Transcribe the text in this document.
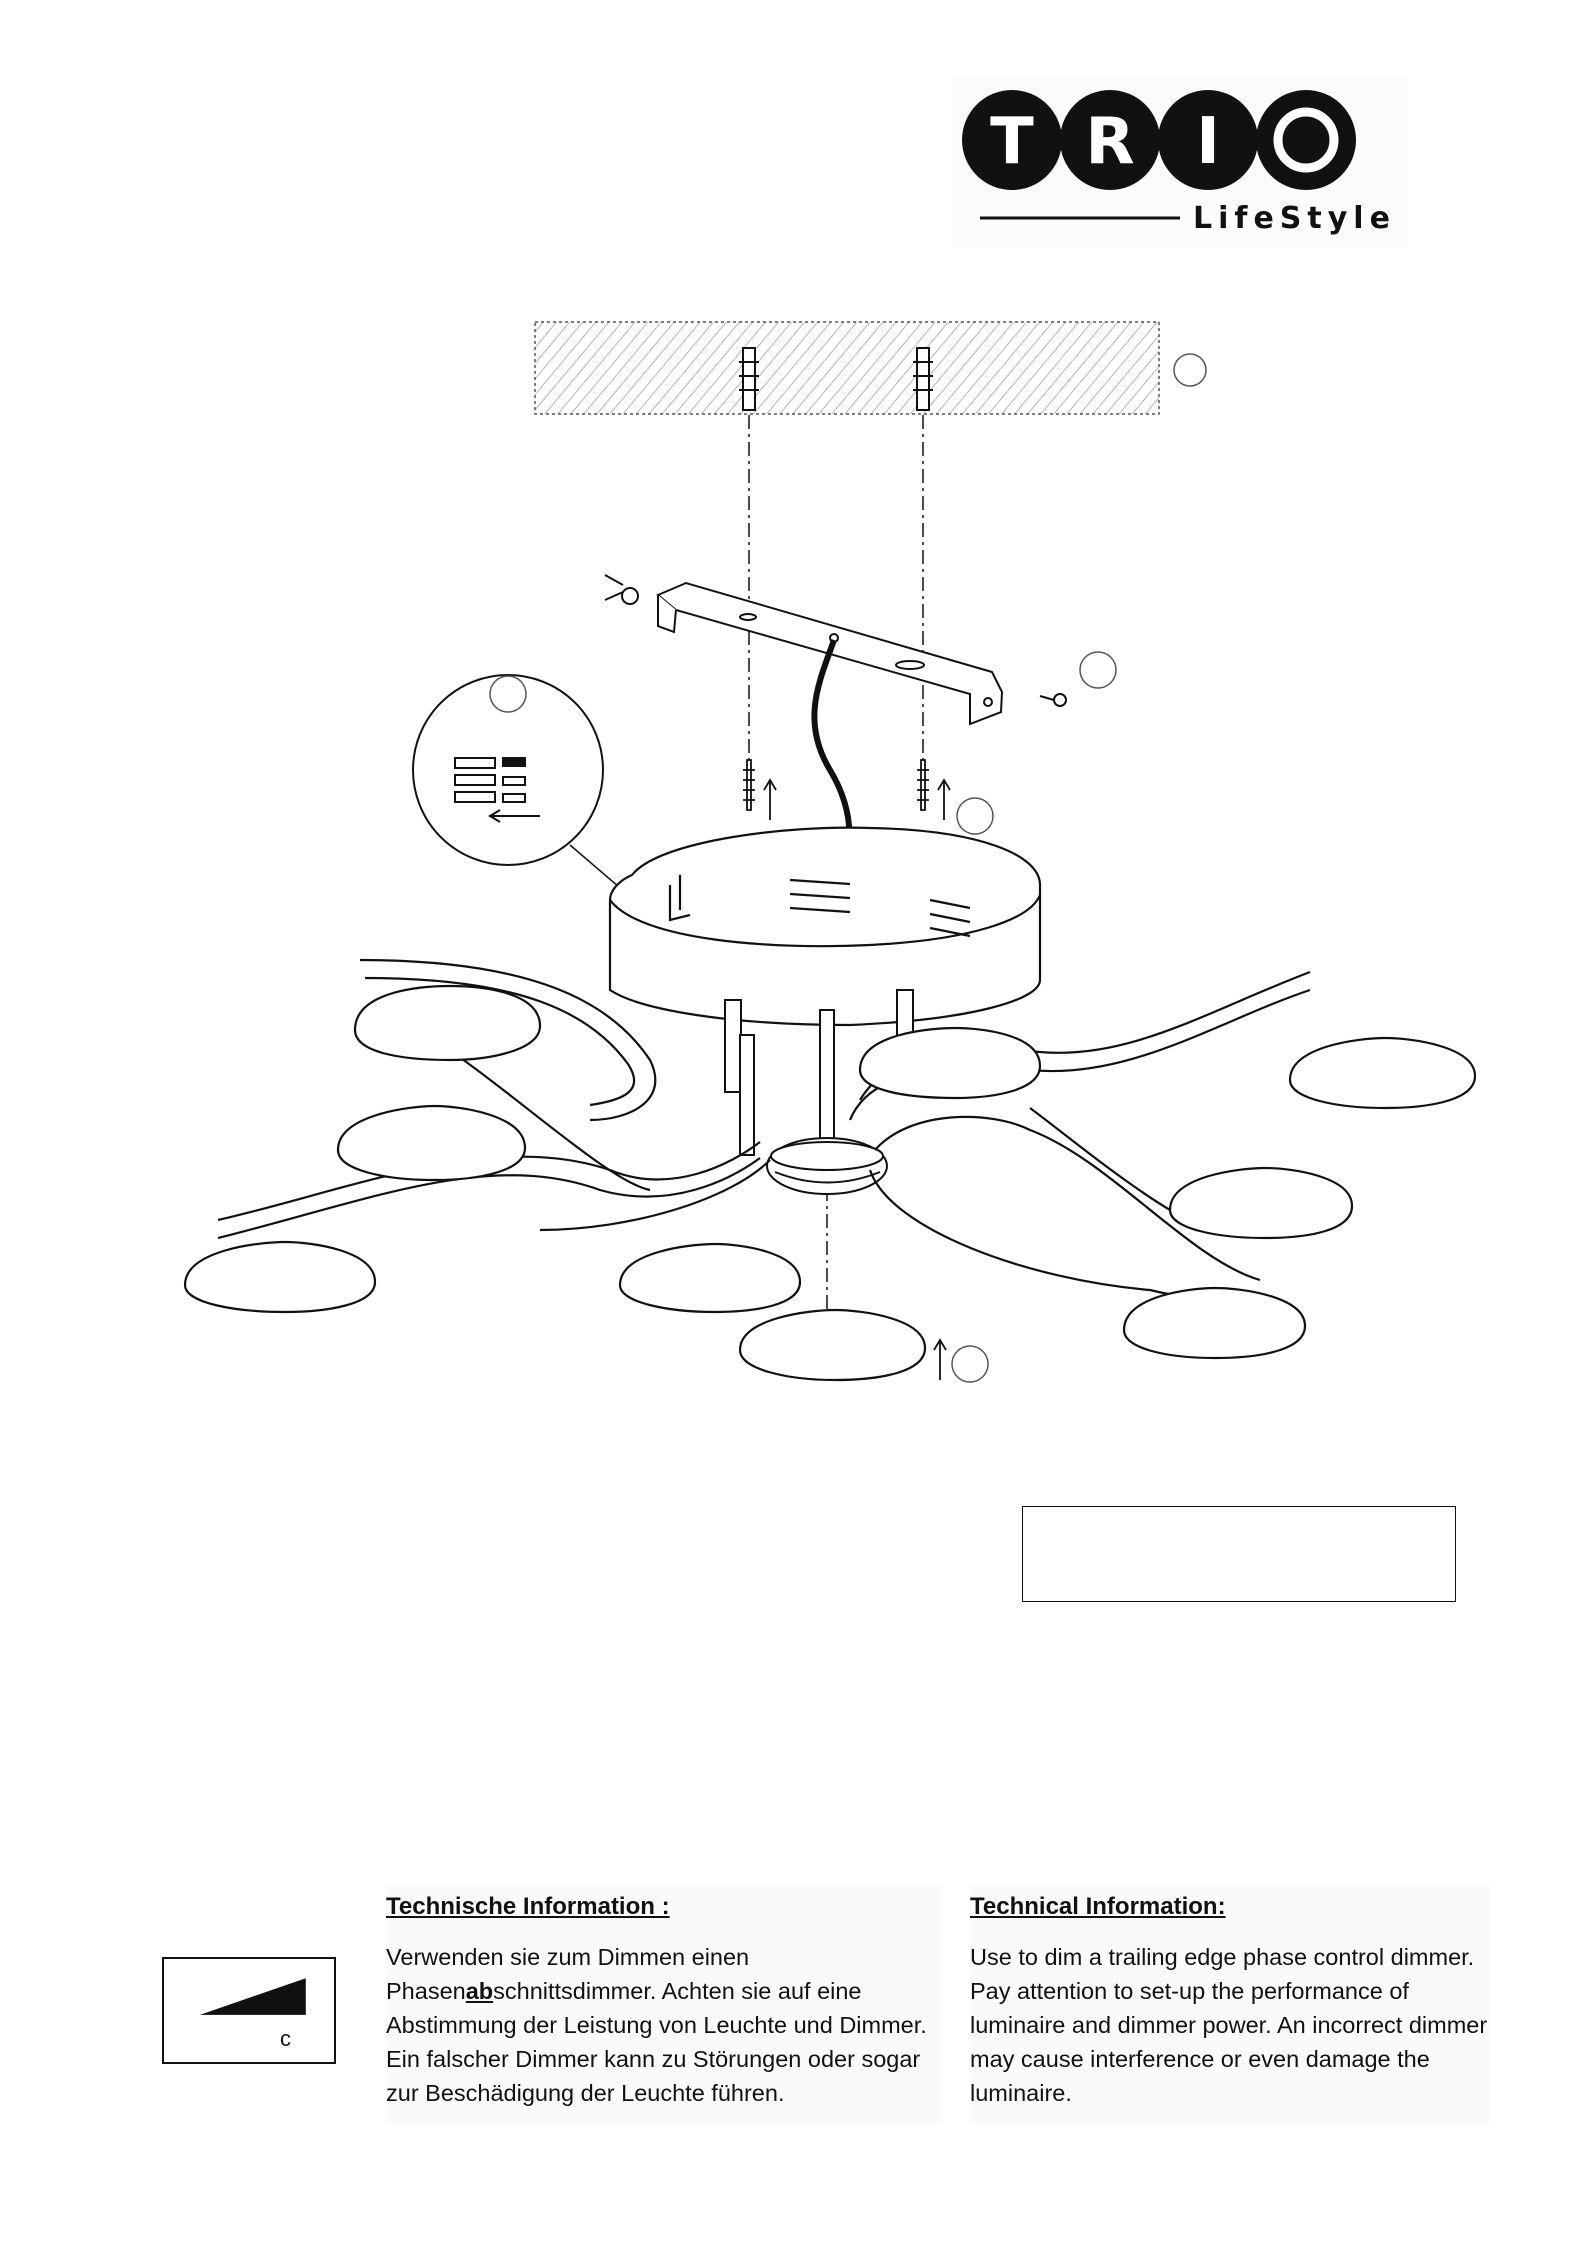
T R I
LifeStyle
c
Technische Information :

Verwenden sie zum Dimmen einen Phasenabschnittsdimmer. Achten sie auf eine Abstimmung der Leistung von Leuchte und Dimmer. Ein falscher Dimmer kann zu Störungen oder sogar zur Beschädigung der Leuchte führen.

Technical Information:

Use to dim a trailing edge phase control dimmer. Pay attention to set-up the performance of luminaire and dimmer power. An incorrect dimmer may cause interference or even damage the luminaire.
